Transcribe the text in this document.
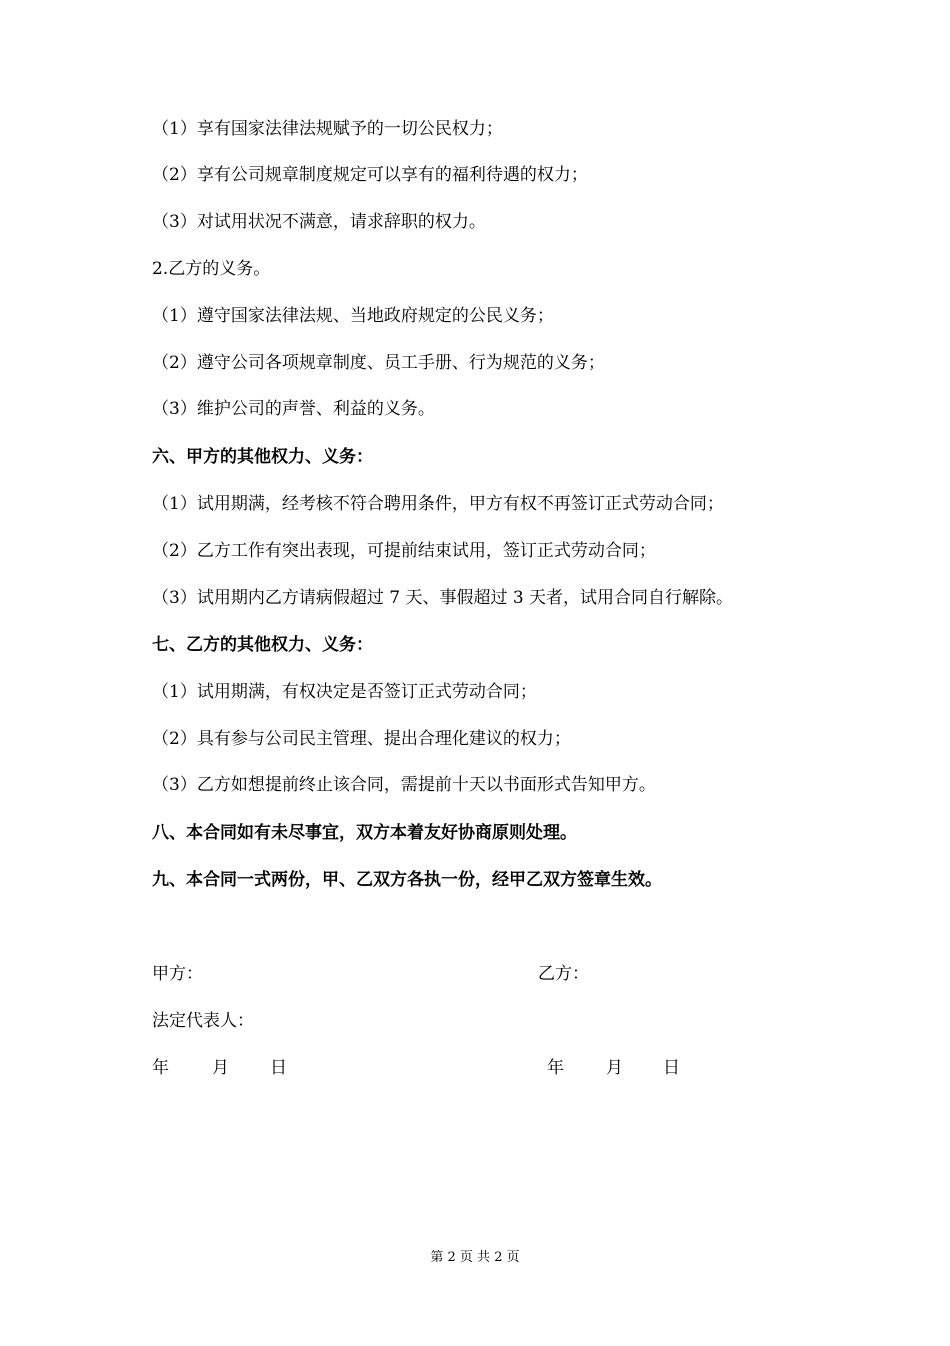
（1）享有国家法律法规赋予的一切公民权力；
（2）享有公司规章制度规定可以享有的福利待遇的权力；
（3）对试用状况不满意，请求辞职的权力。
2.乙方的义务。
（1）遵守国家法律法规、当地政府规定的公民义务；
（2）遵守公司各项规章制度、员工手册、行为规范的义务；
（3）维护公司的声誉、利益的义务。
六、甲方的其他权力、义务：
（1）试用期满，经考核不符合聘用条件，甲方有权不再签订正式劳动合同；
（2）乙方工作有突出表现，可提前结束试用，签订正式劳动合同；
（3）试用期内乙方请病假超过 7 天、事假超过 3 天者，试用合同自行解除。
七、乙方的其他权力、义务：
（1）试用期满，有权决定是否签订正式劳动合同；
（2）具有参与公司民主管理、提出合理化建议的权力；
（3）乙方如想提前终止该合同，需提前十天以书面形式告知甲方。
八、本合同如有未尽事宜，双方本着友好协商原则处理。
九、本合同一式两份，甲、乙双方各执一份，经甲乙双方签章生效。
甲方：	乙方：
法定代表人：
年	月 日	年 月 日
第 2 页 共 2 页
